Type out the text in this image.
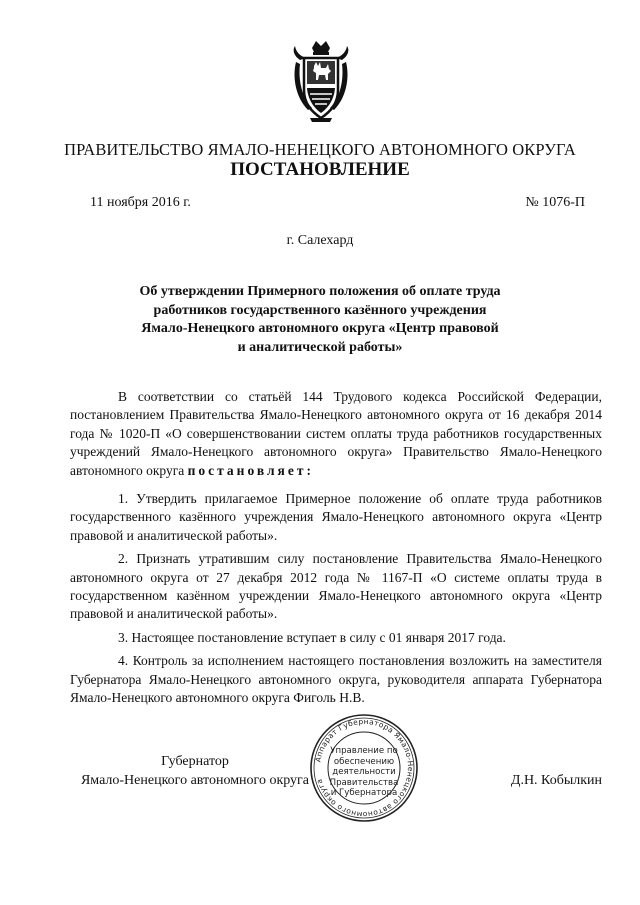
ПРАВИТЕЛЬСТВО ЯМАЛО-НЕНЕЦКОГО АВТОНОМНОГО ОКРУГА
ПОСТАНОВЛЕНИЕ
11 ноября 2016 г.	№ 1076-П
г. Салехард
Об утверждении Примерного положения об оплате труда
работников государственного казённого учреждения
Ямало-Ненецкого автономного округа «Центр правовой
и аналитической работы»

В соответствии со статьёй 144 Трудового кодекса Российской Федерации, постановлением Правительства Ямало-Ненецкого автономного округа от 16 декабря 2014 года № 1020-П «О совершенствовании систем оплаты труда работников государственных учреждений Ямало-Ненецкого автономного округа» Правительство Ямало-Ненецкого автономного округа постановляет:

1. Утвердить прилагаемое Примерное положение об оплате труда работников государственного казённого учреждения Ямало-Ненецкого автономного округа «Центр правовой и аналитической работы».

2. Признать утратившим силу постановление Правительства Ямало-Ненецкого автономного округа от 27 декабря 2012 года № 1167-П «О системе оплаты труда в государственном казённом учреждении Ямало-Ненецкого автономного округа «Центр правовой и аналитической работы».

3. Настоящее постановление вступает в силу с 01 января 2017 года.

4. Контроль за исполнением настоящего постановления возложить на заместителя Губернатора Ямало-Ненецкого автономного округа, руководителя аппарата Губернатора Ямало-Ненецкого автономного округа Фиголь Н.В.

Губернатор
Ямало-Ненецкого автономного округа	Д.Н. Кобылкин
Аппарат Губернатора Ямало-Ненецкого автономного округа
Управление по
обеспечению
деятельности
Правительства
и Губернатора
